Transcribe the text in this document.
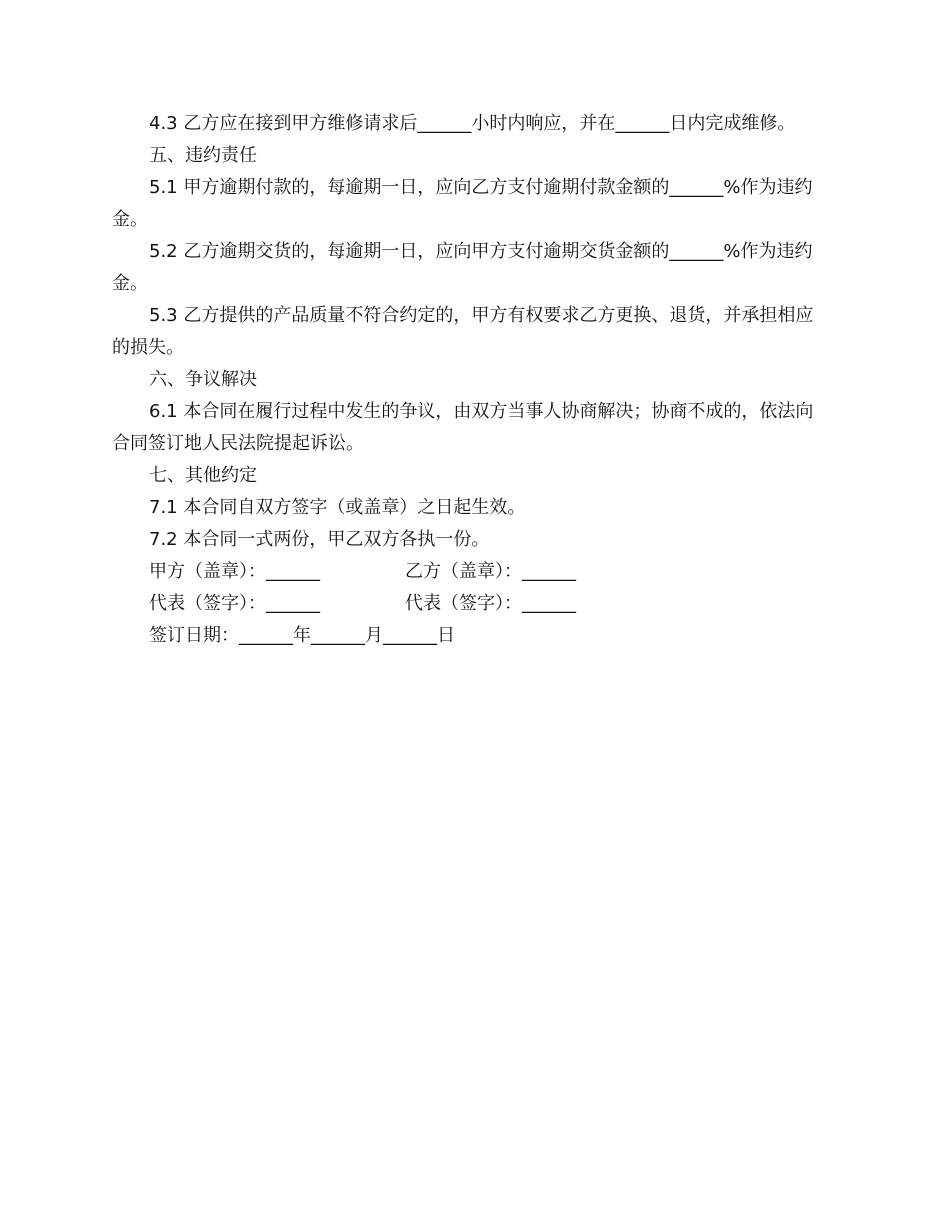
4.3 乙方应在接到甲方维修请求后______小时内响应，并在______日内完成维修。

五、违约责任

5.1 甲方逾期付款的，每逾期一日，应向乙方支付逾期付款金额的______%作为违约

金。

5.2 乙方逾期交货的，每逾期一日，应向甲方支付逾期交货金额的______%作为违约

金。

5.3 乙方提供的产品质量不符合约定的，甲方有权要求乙方更换、退货，并承担相应

的损失。

六、争议解决

6.1 本合同在履行过程中发生的争议，由双方当事人协商解决；协商不成的，依法向

合同签订地人民法院提起诉讼。

七、其他约定

7.1 本合同自双方签字（或盖章）之日起生效。

7.2 本合同一式两份，甲乙双方各执一份。

甲方（盖章）：______	乙方（盖章）：______
代表（签字）：______	代表（签字）：______

签订日期：______年______月______日
